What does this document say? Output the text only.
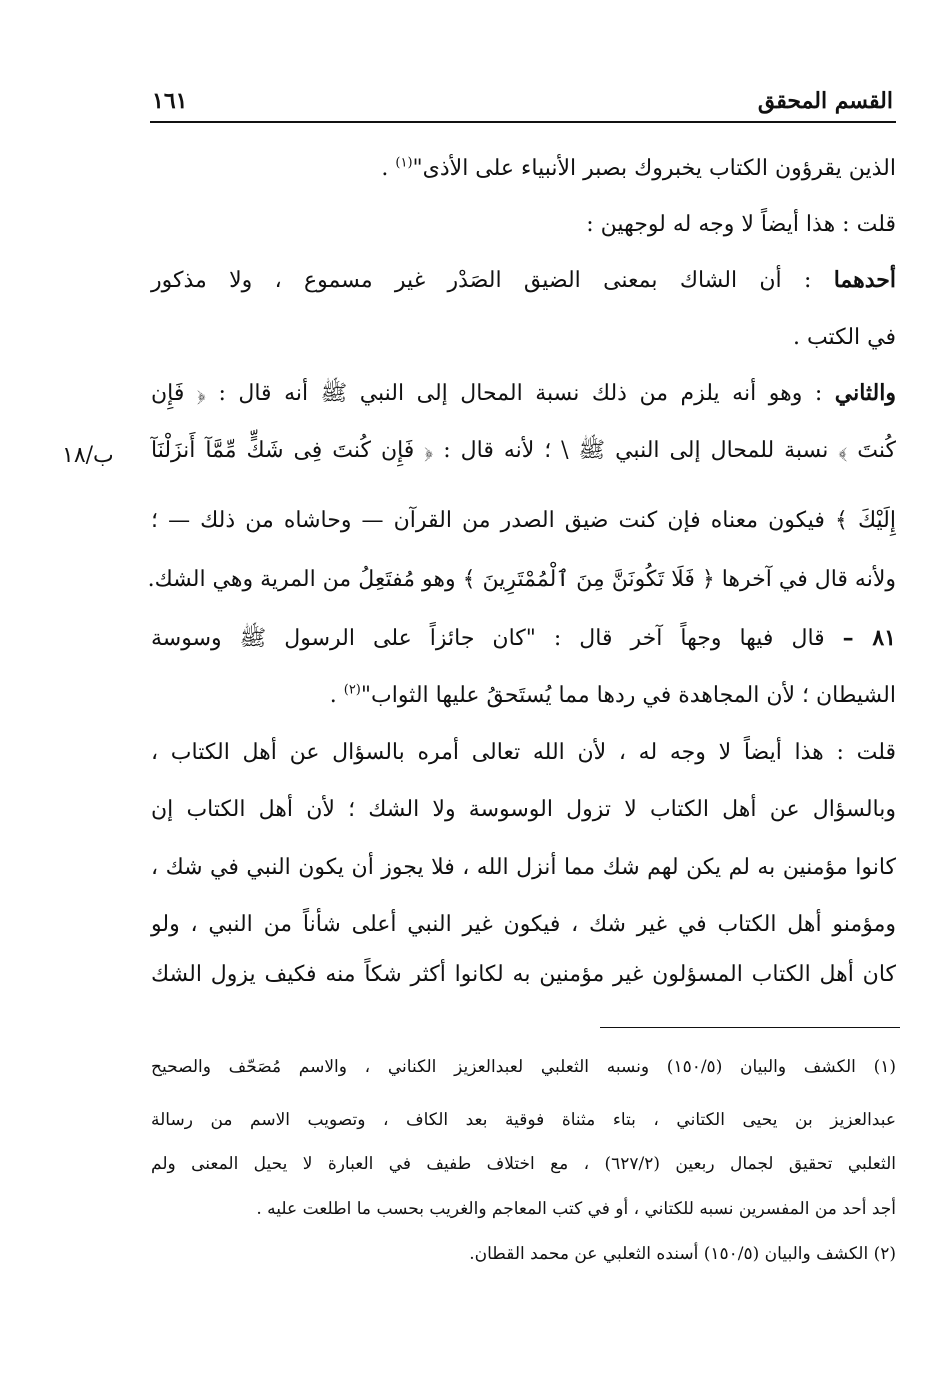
القسم المحقق
١٦١
ب/١٨
الذين يقرؤون الكتاب يخبروك بصبر الأنبياء على الأذى"$^{(١)}$ .
قلت : هذا أيضاً لا وجه له لوجهين :
أحدهما : أن الشاك بمعنى الضيق الصَدْر غير مسموع ، ولا مذكور
في الكتب .
والثاني : وهو أنه يلزم من ذلك نسبة المحال إلى النبي ﷺ أنه قال : ﴿ فَإِن
كُنتَ ﴾ نسبة للمحال إلى النبي ﷺ \ ؛ لأنه قال : ﴿ فَإِن كُنتَ فِى شَكٍّ مِّمَّآ أَنزَلْنَآ
إِلَيْكَ ﴾ فيكون معناه فإن كنت ضيق الصدر من القرآن — وحاشاه من ذلك — ؛
ولأنه قال في آخرها ﴿ فَلَا تَكُونَنَّ مِنَ ٱلْمُمْتَرِينَ ﴾ وهو مُفتَعِلُ من المرية وهي الشك.
٨١ – قال فيها وجهاً آخر قال : "كان جائزاً على الرسول ﷺ وسوسة
الشيطان ؛ لأن المجاهدة في ردها مما يُستَحقُ عليها الثواب"$^{(٢)}$ .
قلت : هذا أيضاً لا وجه له ، لأن الله تعالى أمره بالسؤال عن أهل الكتاب ،
وبالسؤال عن أهل الكتاب لا تزول الوسوسة ولا الشك ؛ لأن أهل الكتاب إن
كانوا مؤمنين به لم يكن لهم شك مما أنزل الله ، فلا يجوز أن يكون النبي في شك ،
ومؤمنو أهل الكتاب في غير شك ، فيكون غير النبي أعلى شأناً من النبي ، ولو
كان أهل الكتاب المسؤلون غير مؤمنين به لكانوا أكثر شكاً منه فكيف يزول الشك
(١) الكشف والبيان (١٥٠/٥) ونسبه الثعلبي لعبدالعزيز الكناني ، والاسم مُصَحّف والصحيح
عبدالعزيز بن يحيى الكتاني ، بتاء مثناة فوقية بعد الكاف ، وتصويب الاسم من رسالة
الثعلبي تحقيق لجمال ربعين (٦٢٧/٢) ، مع اختلاف طفيف في العبارة لا يحيل المعنى ولم
أجد أحد من المفسرين نسبه للكتاني ، أو في كتب المعاجم والغريب بحسب ما اطلعت عليه .
(٢) الكشف والبيان (١٥٠/٥) أسنده الثعلبي عن محمد القطان.
